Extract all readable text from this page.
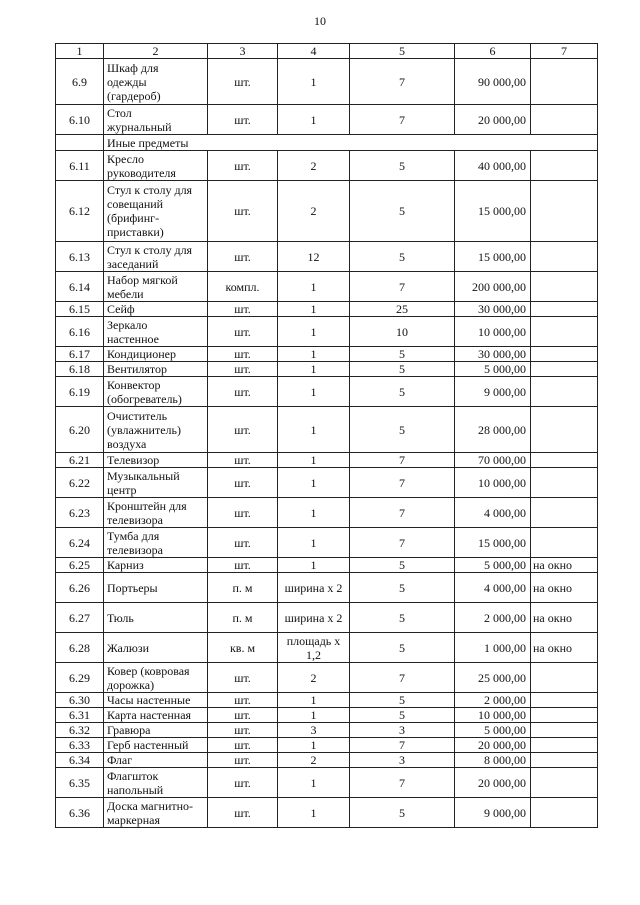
10
1	2	3	4	5	6	7
6.9	Шкаф для
одежды
(гардероб)	шт.	1	7	90 000,00	
6.10	Стол
журнальный	шт.	1	7	20 000,00	
	Иные предметы					
6.11	Кресло
руководителя	шт.	2	5	40 000,00	
6.12	Стул к столу для
совещаний
(брифинг-
приставки)	шт.	2	5	15 000,00	
6.13	Стул к столу для
заседаний	шт.	12	5	15 000,00	
6.14	Набор мягкой
мебели	компл.	1	7	200 000,00	
6.15	Сейф	шт.	1	25	30 000,00	
6.16	Зеркало
настенное	шт.	1	10	10 000,00	
6.17	Кондиционер	шт.	1	5	30 000,00	
6.18	Вентилятор	шт.	1	5	5 000,00	
6.19	Конвектор
(обогреватель)	шт.	1	5	9 000,00	
6.20	Очиститель
(увлажнитель)
воздуха	шт.	1	5	28 000,00	
6.21	Телевизор	шт.	1	7	70 000,00	
6.22	Музыкальный
центр	шт.	1	7	10 000,00	
6.23	Кронштейн для
телевизора	шт.	1	7	4 000,00	
6.24	Тумба для
телевизора	шт.	1	7	15 000,00	
6.25	Карниз	шт.	1	5	5 000,00	на окно
6.26	Портьеры	п. м	ширина х 2	5	4 000,00	на окно
6.27	Тюль	п. м	ширина х 2	5	2 000,00	на окно
6.28	Жалюзи	кв. м	площадь х 1,2	5	1 000,00	на окно
6.29	Ковер (ковровая
дорожка)	шт.	2	7	25 000,00	
6.30	Часы настенные	шт.	1	5	2 000,00	
6.31	Карта настенная	шт.	1	5	10 000,00	
6.32	Гравюра	шт.	3	3	5 000,00	
6.33	Герб настенный	шт.	1	7	20 000,00	
6.34	Флаг	шт.	2	3	8 000,00	
6.35	Флагшток
напольный	шт.	1	7	20 000,00	
6.36	Доска магнитно-
маркерная	шт.	1	5	9 000,00	
